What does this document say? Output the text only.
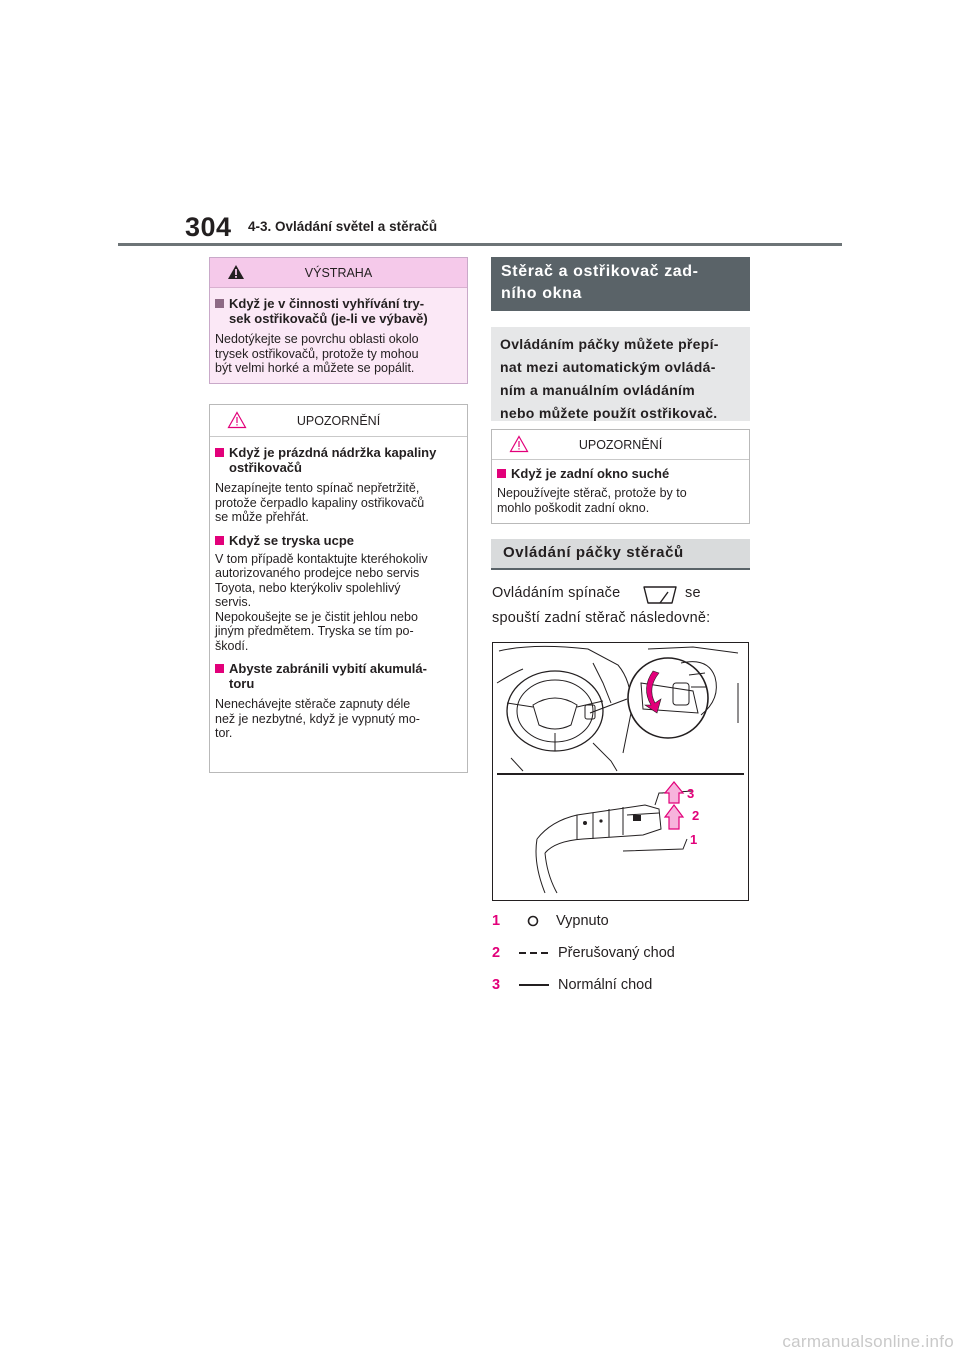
304 4-3. Ovládání světel a stěračů
VÝSTRAHA
Když je v činnosti vyhřívání try-
sek ostřikovačů (je-li ve výbavě)
Nedotýkejte se povrchu oblasti okolo
trysek ostřikovačů, protože ty mohou
být velmi horké a můžete se popálit.
UPOZORNĚNÍ
Když je prázdná nádržka kapaliny
ostřikovačů
Nezapínejte tento spínač nepřetržitě,
protože čerpadlo kapaliny ostřikovačů
se může přehřát.
Když se tryska ucpe
V tom případě kontaktujte kteréhokoliv
autorizovaného prodejce nebo servis
Toyota, nebo kterýkoliv spolehlivý
servis.
Nepokoušejte se je čistit jehlou nebo
jiným předmětem. Tryska se tím po-
škodí.
Abyste zabránili vybití akumulá-
toru
Nenechávejte stěrače zapnuty déle
než je nezbytné, když je vypnutý mo-
tor.
Stěrač a ostřikovač zad-
ního okna
Ovládáním páčky můžete přepí-
nat mezi automatickým ovládá-
ním a manuálním ovládáním
nebo můžete použít ostřikovač.
UPOZORNĚNÍ
Když je zadní okno suché
Nepoužívejte stěrač, protože by to
mohlo poškodit zadní okno.
Ovládání páčky stěračů
Ovládáním spínače	se
spouští zadní stěrač následovně:
3
2
1
1	Vypnuto
2	Přerušovaný chod
3	Normální chod
carmanualsonline.info
